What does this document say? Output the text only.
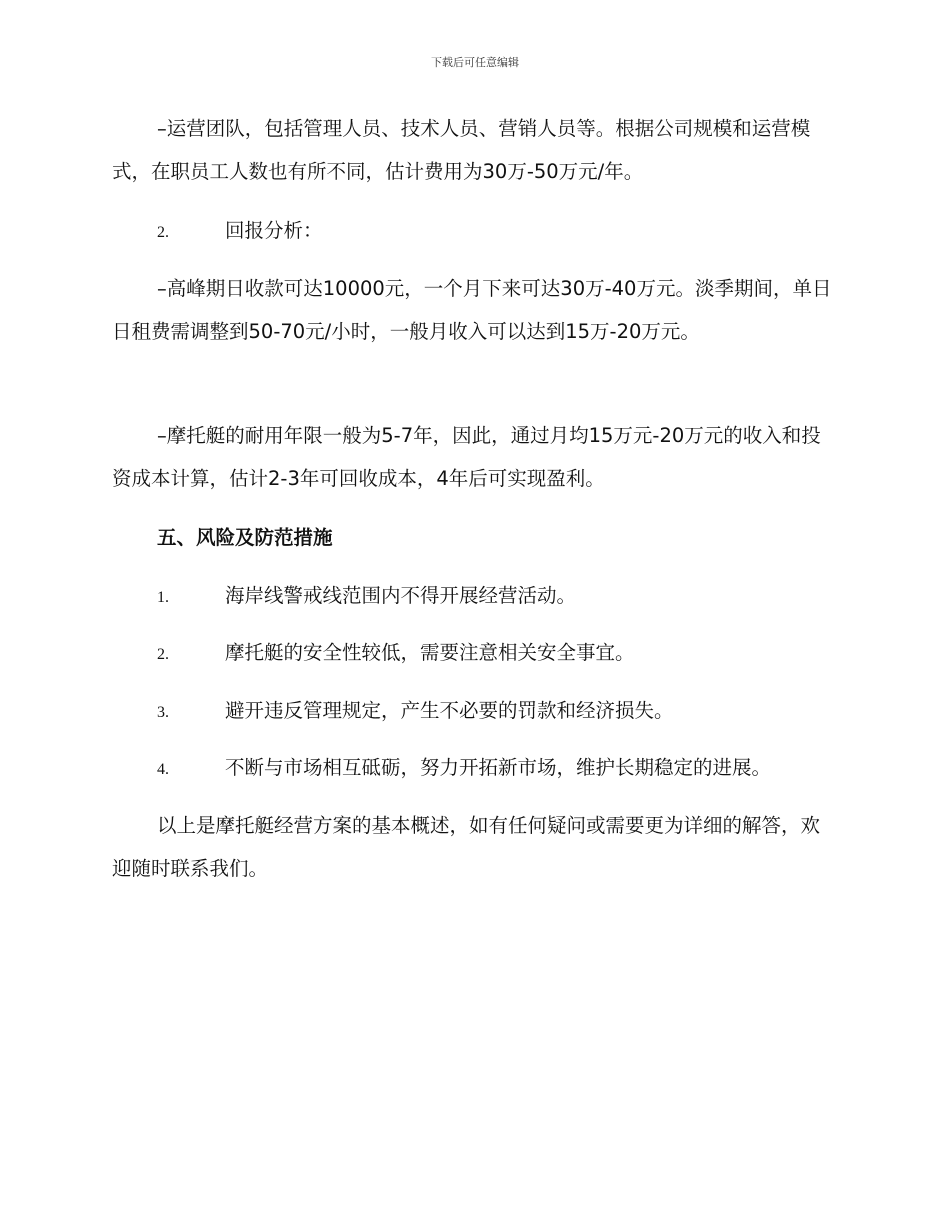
下载后可任意编辑

–运营团队，包括管理人员、技术人员、营销人员等。根据公司规模和运营模式，在职员工人数也有所不同，估计费用为30万-50万元/年。

2.	回报分析：

–高峰期日收款可达10000元，一个月下来可达30万-40万元。淡季期间，单日日租费需调整到50-70元/小时，一般月收入可以达到15万-20万元。

–摩托艇的耐用年限一般为5-7年，因此，通过月均15万元-20万元的收入和投资成本计算，估计2-3年可回收成本，4年后可实现盈利。

五、风险及防范措施
1.	海岸线警戒线范围内不得开展经营活动。
2.	摩托艇的安全性较低，需要注意相关安全事宜。
3.	避开违反管理规定，产生不必要的罚款和经济损失。
4.	不断与市场相互砥砺，努力开拓新市场，维护长期稳定的进展。

以上是摩托艇经营方案的基本概述，如有任何疑问或需要更为详细的解答，欢迎随时联系我们。
